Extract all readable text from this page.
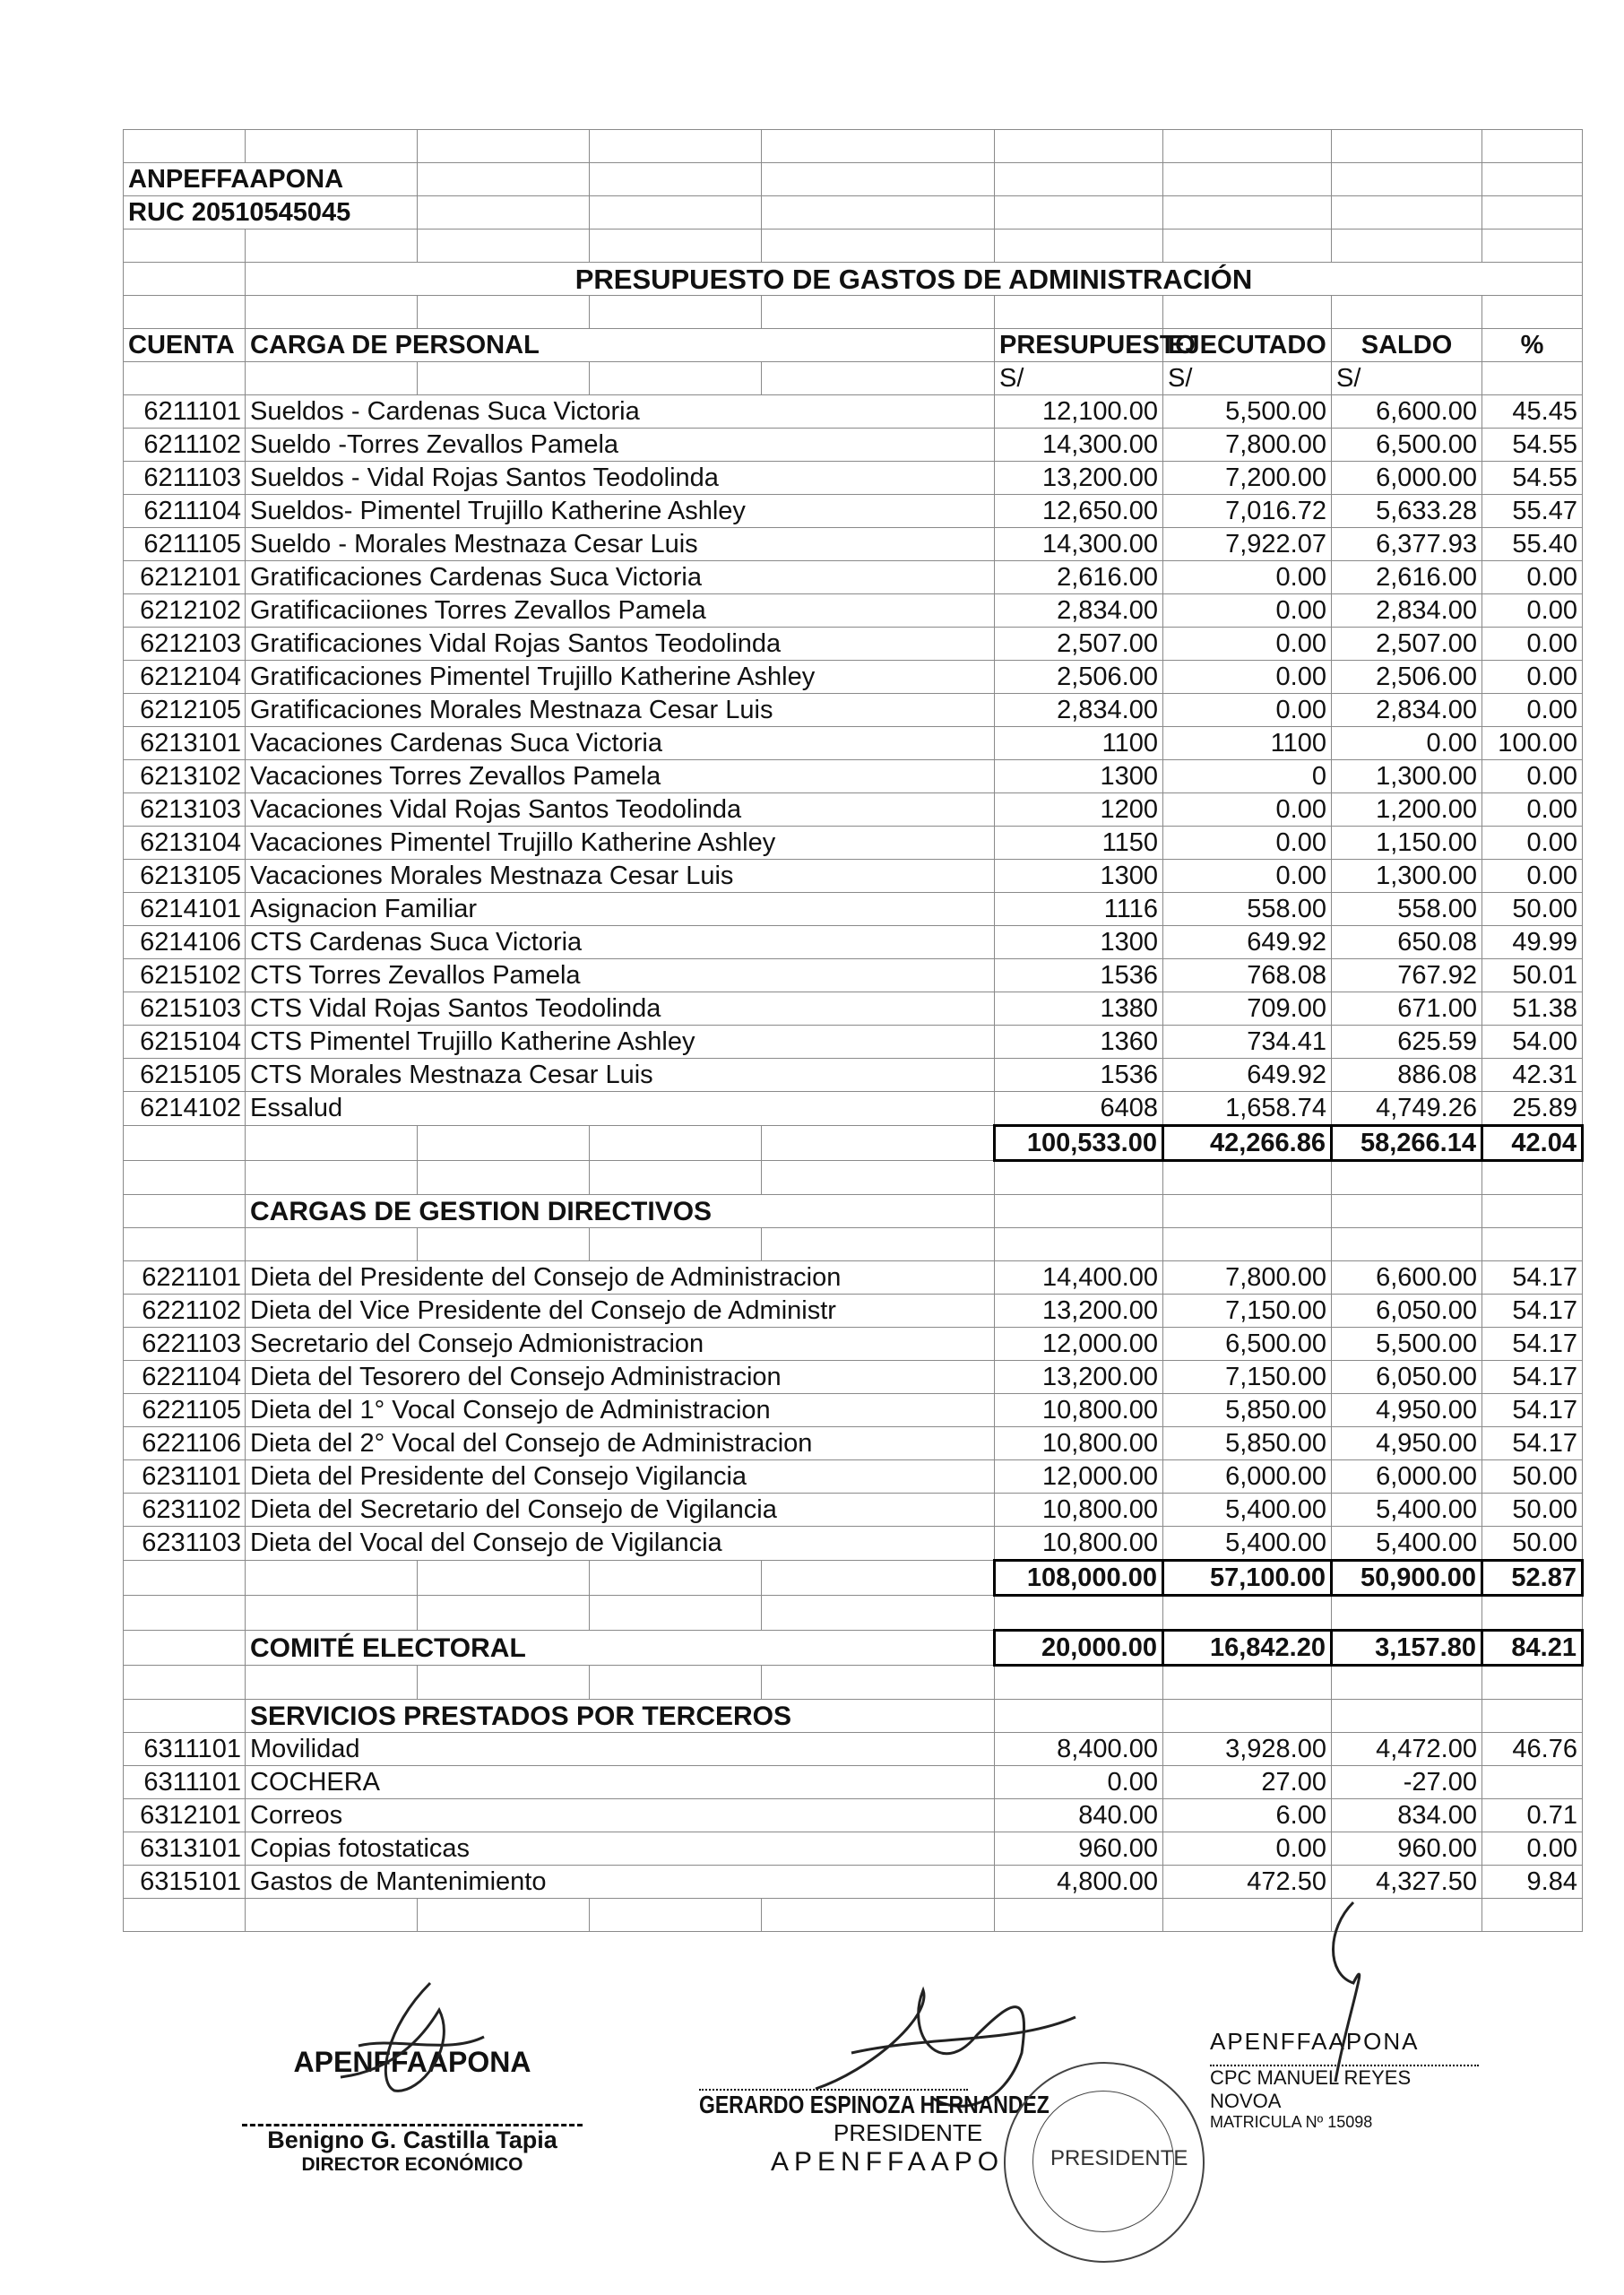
ANPEFFAAPONA								
RUC 20510545045								

	PRESUPUESTO DE GASTOS DE ADMINISTRACIÓN							

CUENTA	CARGA DE PERSONAL				PRESUPUESTO	EJECUTADO	SALDO	%
					S/	S/	S/	
6211101	Sueldos - Cardenas Suca Victoria				12,100.00	5,500.00	6,600.00	45.45
6211102	Sueldo -Torres Zevallos Pamela				14,300.00	7,800.00	6,500.00	54.55
6211103	Sueldos - Vidal Rojas Santos Teodolinda				13,200.00	7,200.00	6,000.00	54.55
6211104	Sueldos- Pimentel Trujillo Katherine Ashley				12,650.00	7,016.72	5,633.28	55.47
6211105	Sueldo - Morales Mestnaza Cesar Luis				14,300.00	7,922.07	6,377.93	55.40
6212101	Gratificaciones Cardenas Suca Victoria				2,616.00	0.00	2,616.00	0.00
6212102	Gratificaciiones Torres Zevallos Pamela				2,834.00	0.00	2,834.00	0.00
6212103	Gratificaciones Vidal Rojas Santos Teodolinda				2,507.00	0.00	2,507.00	0.00
6212104	Gratificaciones Pimentel Trujillo Katherine Ashley				2,506.00	0.00	2,506.00	0.00
6212105	Gratificaciones Morales Mestnaza Cesar Luis				2,834.00	0.00	2,834.00	0.00
6213101	Vacaciones Cardenas Suca Victoria				1100	1100	0.00	100.00
6213102	Vacaciones Torres Zevallos Pamela				1300	0	1,300.00	0.00
6213103	Vacaciones Vidal Rojas Santos Teodolinda				1200	0.00	1,200.00	0.00
6213104	Vacaciones Pimentel Trujillo Katherine Ashley				1150	0.00	1,150.00	0.00
6213105	Vacaciones Morales Mestnaza Cesar Luis				1300	0.00	1,300.00	0.00
6214101	Asignacion Familiar				1116	558.00	558.00	50.00
6214106	CTS Cardenas Suca Victoria				1300	649.92	650.08	49.99
6215102	CTS Torres Zevallos Pamela				1536	768.08	767.92	50.01
6215103	CTS Vidal Rojas Santos Teodolinda				1380	709.00	671.00	51.38
6215104	CTS Pimentel Trujillo Katherine Ashley				1360	734.41	625.59	54.00
6215105	CTS Morales Mestnaza Cesar Luis				1536	649.92	886.08	42.31
6214102	Essalud				6408	1,658.74	4,749.26	25.89
					100,533.00	42,266.86	58,266.14	42.04

	CARGAS DE GESTION DIRECTIVOS							

6221101	Dieta del Presidente del Consejo de Administracion				14,400.00	7,800.00	6,600.00	54.17
6221102	Dieta del Vice Presidente del Consejo de Administr				13,200.00	7,150.00	6,050.00	54.17
6221103	Secretario del Consejo Admionistracion				12,000.00	6,500.00	5,500.00	54.17
6221104	Dieta del Tesorero del Consejo Administracion				13,200.00	7,150.00	6,050.00	54.17
6221105	Dieta del 1° Vocal Consejo de Administracion				10,800.00	5,850.00	4,950.00	54.17
6221106	Dieta del 2° Vocal del Consejo de Administracion				10,800.00	5,850.00	4,950.00	54.17
6231101	Dieta del Presidente del Consejo Vigilancia				12,000.00	6,000.00	6,000.00	50.00
6231102	Dieta del Secretario del Consejo de Vigilancia				10,800.00	5,400.00	5,400.00	50.00
6231103	Dieta del Vocal del Consejo de Vigilancia				10,800.00	5,400.00	5,400.00	50.00
					108,000.00	57,100.00	50,900.00	52.87

	COMITÉ ELECTORAL				20,000.00	16,842.20	3,157.80	84.21

	SERVICIOS PRESTADOS POR TERCEROS							
6311101	Movilidad				8,400.00	3,928.00	4,472.00	46.76
6311101	COCHERA				0.00	27.00	-27.00	
6312101	Correos				840.00	6.00	834.00	0.71
6313101	Copias fotostaticas				960.00	0.00	960.00	0.00
6315101	Gastos de Mantenimiento				4,800.00	472.50	4,327.50	9.84

APENFFAAPONA
Benigno G. Castilla Tapia
DIRECTOR ECONÓMICO
GERARDO ESPINOZA HERNANDEZ
PRESIDENTE
APENFFAAPO	PRESIDENTE
APENFFAAPONA
CPC MANUEL REYES NOVOA
MATRICULA Nº 15098
